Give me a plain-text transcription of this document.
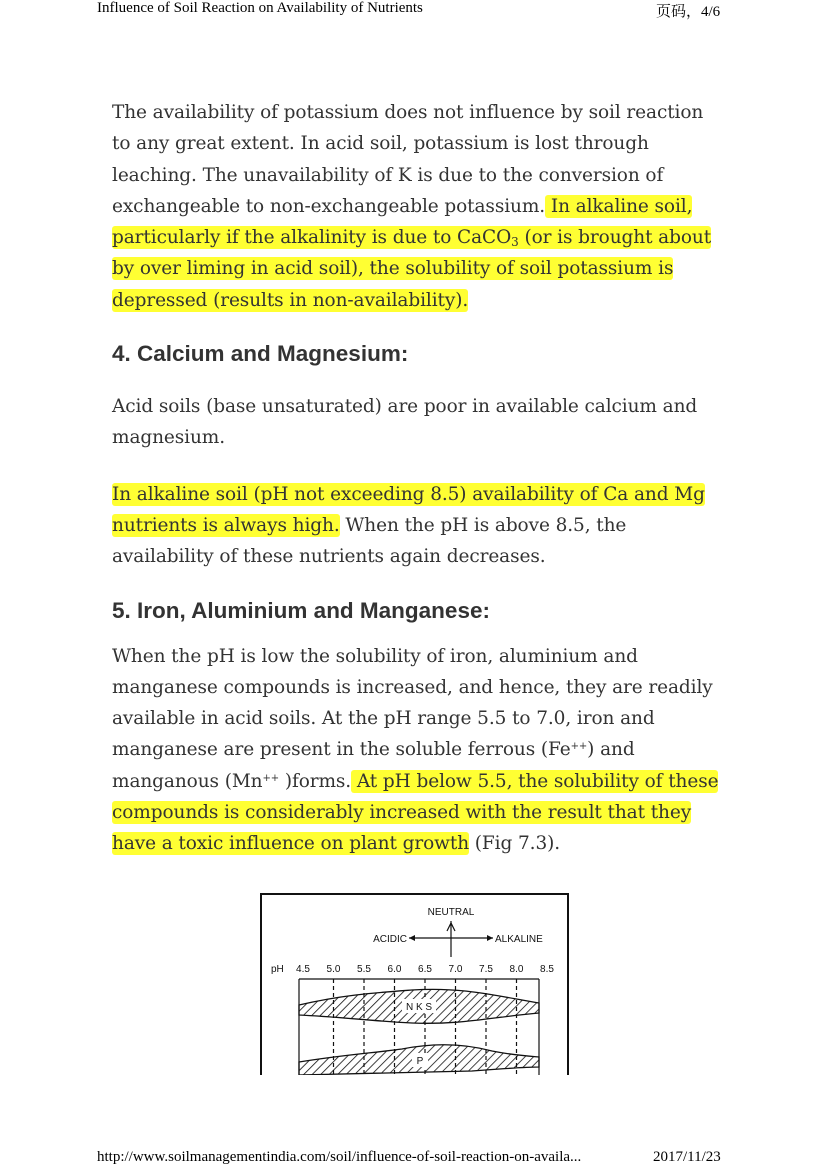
Influence of Soil Reaction on Availability of Nutrients	页码，4/6
The availability of potassium does not influence by soil reaction
to any great extent. In acid soil, potassium is lost through
leaching. The unavailability of K is due to the conversion of
exchangeable to non-exchangeable potassium. In alkaline soil,
particularly if the alkalinity is due to CaCO$_3$ (or is brought about
by over liming in acid soil), the solubility of soil potassium is
depressed (results in non-availability).
4. Calcium and Magnesium:
Acid soils (base unsaturated) are poor in available calcium and
magnesium.
In alkaline soil (pH not exceeding 8.5) availability of Ca and Mg
nutrients is always high. When the pH is above 8.5, the
availability of these nutrients again decreases.
5. Iron, Aluminium and Manganese:
When the pH is low the solubility of iron, aluminium and
manganese compounds is increased, and hence, they are readily
available in acid soils. At the pH range 5.5 to 7.0, iron and
manganese are present in the soluble ferrous (Fe++) and
manganous (Mn++ )forms. At pH below 5.5, the solubility of these
compounds is considerably increased with the result that they
have a toxic influence on plant growth (Fig 7.3).
NEUTRAL
ACIDIC	ALKALINE
pH 4.5 5.0 5.5 6.0 6.5 7.0 7.5 8.0 8.5
N K S
P
http://www.soilmanagementindia.com/soil/influence-of-soil-reaction-on-availa...	2017/11/23
